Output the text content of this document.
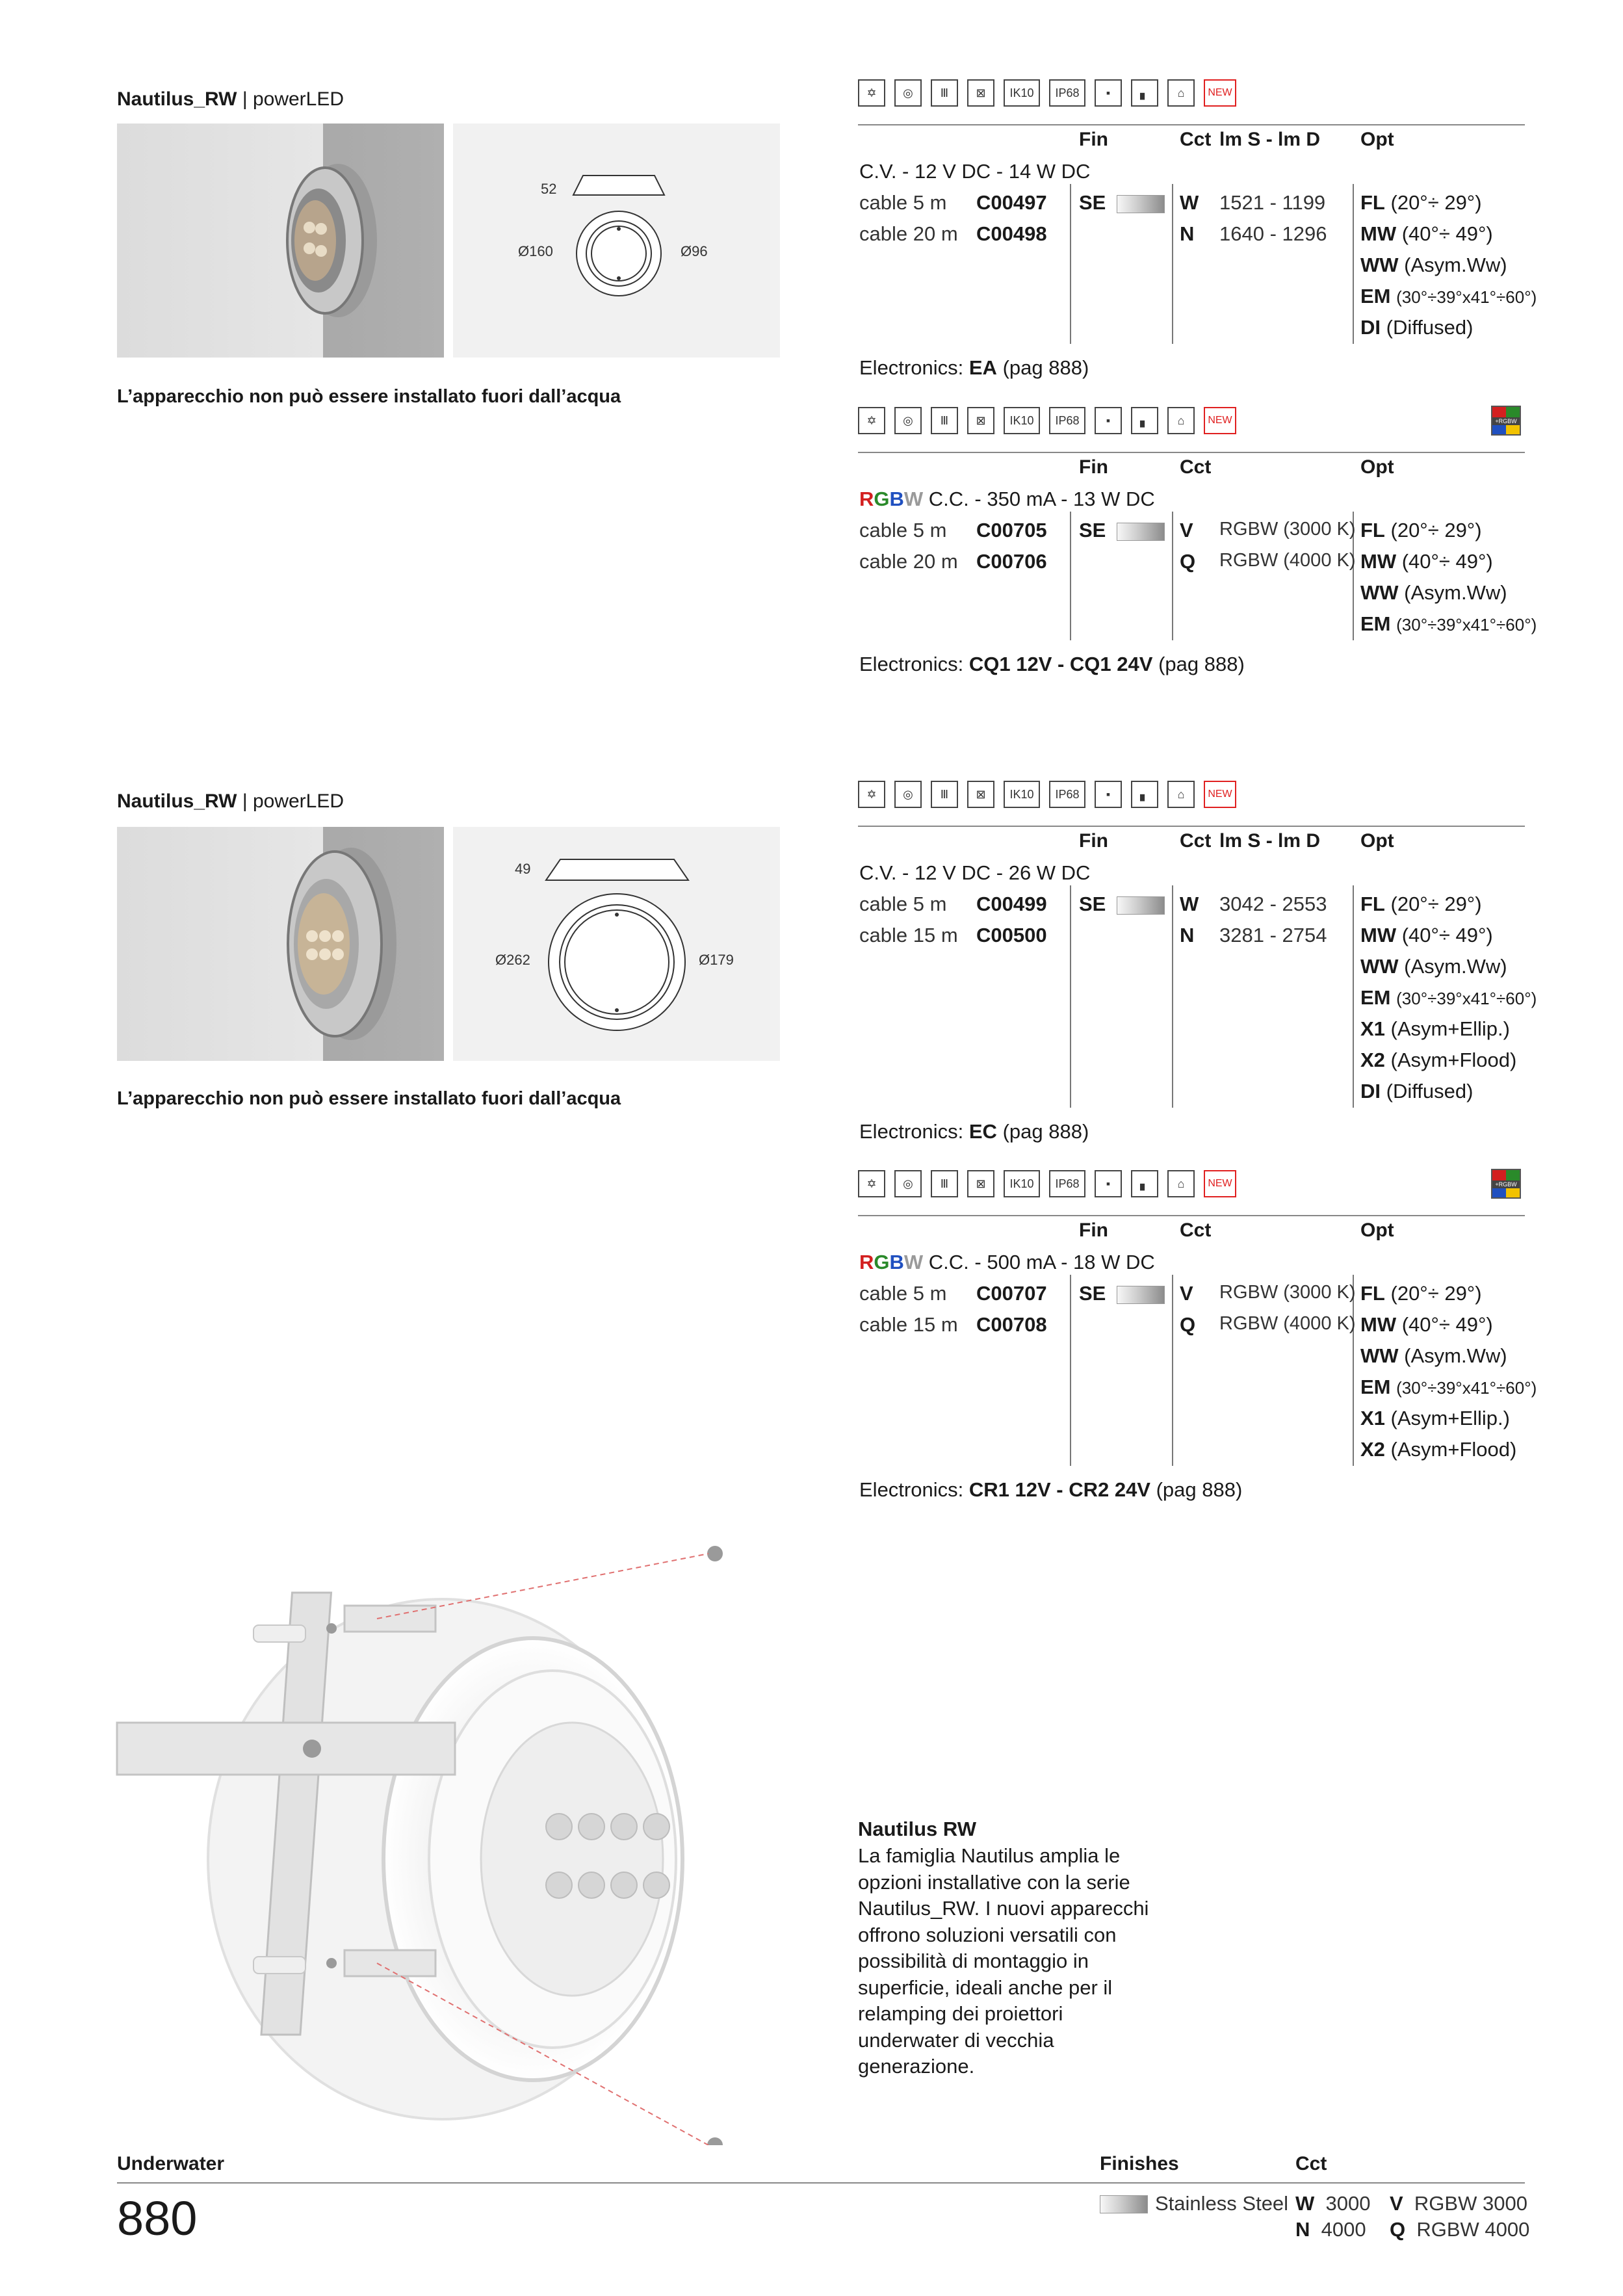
Nautilus_RW | powerLED
52
Ø160	Ø96
L’apparecchio non può essere installato fuori dall’acqua
✡	◎	Ⅲ	⊠	IK10	IP68	▪	▖	⌂	NEW
Fin	Cct lm S - lm D Opt
C.V. - 12 V DC - 14 W DC
cable 5 m C00497 SE	W 1521 - 1199
cable 20 m C00498	N 1640 - 1296
FL (20°÷ 29°)
MW (40°÷ 49°)
WW (Asym.Ww)
EM (30°÷39°x41°÷60°)
DI (Diffused)
Electronics: EA (pag 888)
✡	◎	Ⅲ	⊠	IK10	IP68	▪	▖	⌂	NEW	+RGBW
Fin	Cct	Opt
RGBW C.C. - 350 mA - 13 W DC
cable 5 m C00705 SE	V RGBW (3000 K)
cable 20 m C00706	Q RGBW (4000 K)
FL (20°÷ 29°)
MW (40°÷ 49°)
WW (Asym.Ww)
EM (30°÷39°x41°÷60°)
Electronics: CQ1 12V - CQ1 24V (pag 888)
Nautilus_RW | powerLED
49
Ø262	Ø179
L’apparecchio non può essere installato fuori dall’acqua
✡	◎	Ⅲ	⊠	IK10	IP68	▪	▖	⌂	NEW
Fin	Cct lm S - lm D Opt
C.V. - 12 V DC - 26 W DC
cable 5 m C00499 SE	W 3042 - 2553
cable 15 m C00500	N 3281 - 2754
FL (20°÷ 29°)
MW (40°÷ 49°)
WW (Asym.Ww)
EM (30°÷39°x41°÷60°)
X1 (Asym+Ellip.)
X2 (Asym+Flood)
DI (Diffused)
Electronics: EC (pag 888)
✡	◎	Ⅲ	⊠	IK10	IP68	▪	▖	⌂	NEW	+RGBW
Fin	Cct	Opt
RGBW C.C. - 500 mA - 18 W DC
cable 5 m C00707 SE	V RGBW (3000 K)
cable 15 m C00708	Q RGBW (4000 K)
FL (20°÷ 29°)
MW (40°÷ 49°)
WW (Asym.Ww)
EM (30°÷39°x41°÷60°)
X1 (Asym+Ellip.)
X2 (Asym+Flood)
Electronics: CR1 12V - CR2 24V (pag 888)
Nautilus RW
La famiglia Nautilus amplia le opzioni installative con la serie Nautilus_RW. I nuovi apparecchi offrono soluzioni versatili con possibilità di montaggio in superficie, ideali anche per il relamping dei proiettori underwater di vecchia generazione.
Underwater	Finishes	Cct
880	Stainless Steel W 3000 V RGBW 3000
N 4000 Q RGBW 4000
